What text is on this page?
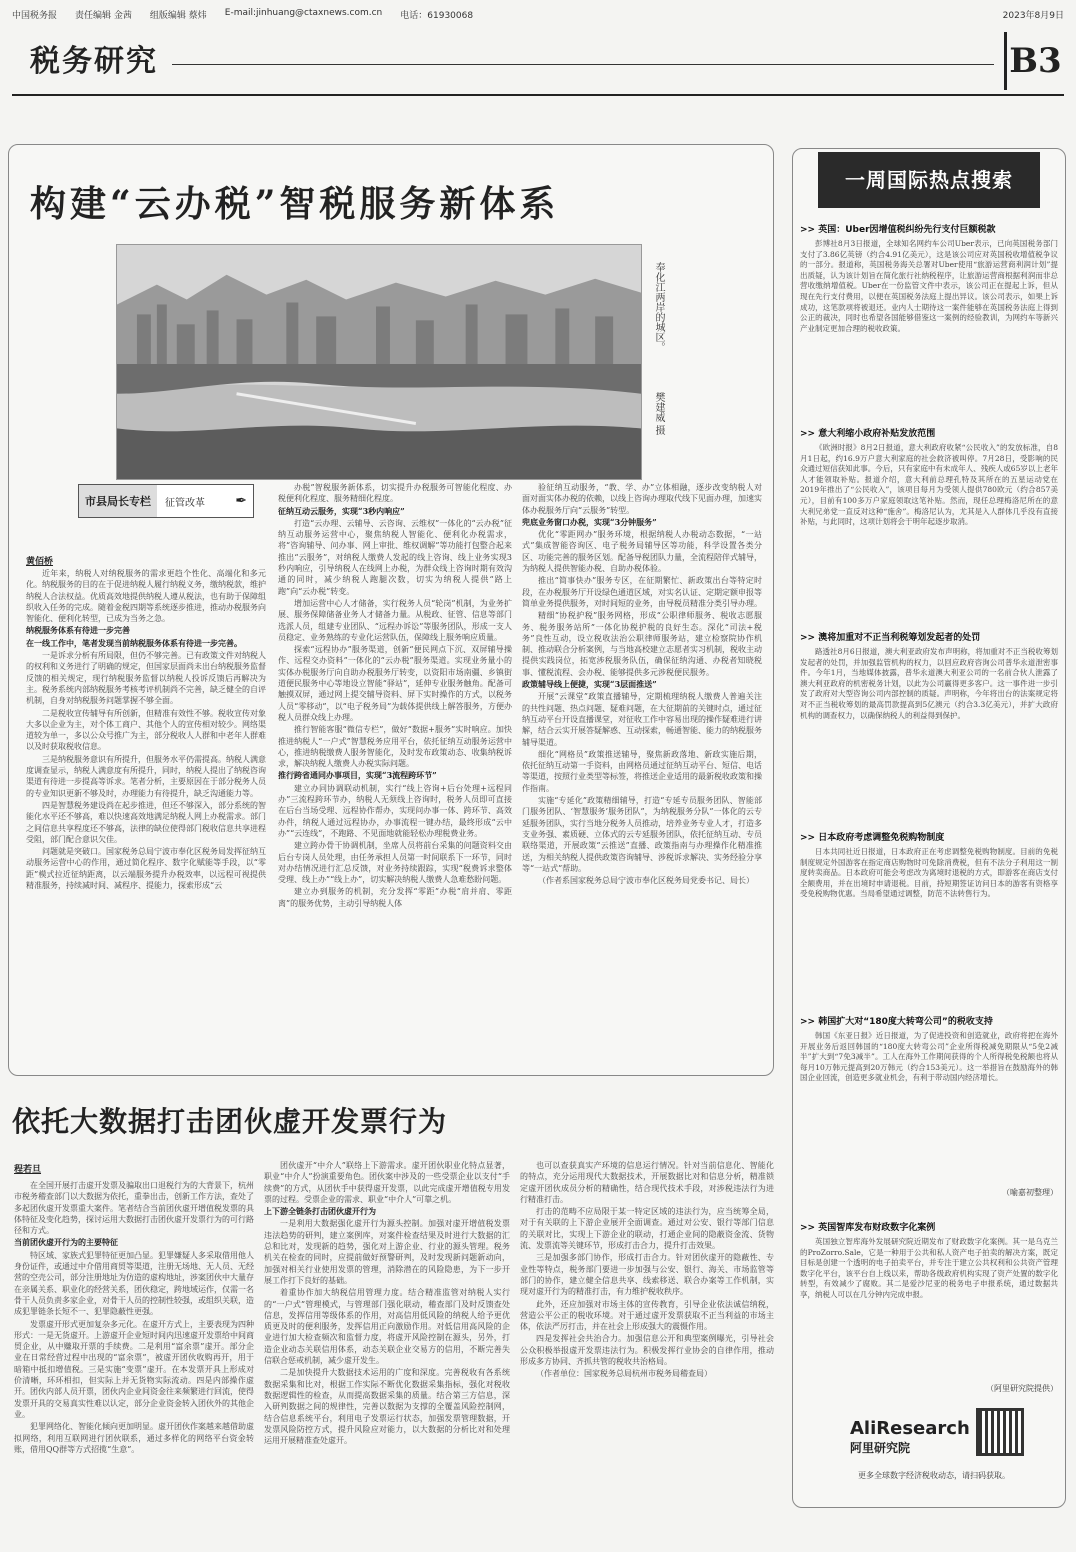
中国税务报 责任编辑 金茜 组版编辑 蔡炜 E-mail:jinhuang@ctaxnews.com.cn 电话：61930068	2023年8月9日
税务研究	B3
构建“云办税”智税服务新体系
奉化江两岸的城区。
樊建威 摄
市县局长专栏	征管改革 ✒
黄佰桥

近年来，纳税人对纳税服务的需求更趋个性化、高端化和多元化。纳税服务的目的在于促进纳税人履行纳税义务，缴纳税款，维护纳税人合法权益。优质高效地提供纳税人遵从税法，也有助于保障组织收入任务的完成。随着金税四期等系统逐步推进，推动办税服务向智能化、便利化转型，已成为当务之急。

纳税服务体系有待进一步完善

在一线工作中，笔者发现当前纳税服务体系有待进一步完善。

一是诉求分析有所局限，但仍不够完善。已有政策文件对纳税人的权利和义务进行了明确的规定，但国家层面尚未出台纳税服务监督反馈的相关规定，现行纳税服务监督以纳税人投诉反馈后再解决为主。税务系统内部纳税服务考核考评机制尚不完善，缺乏健全的自评机制，自身对纳税服务问题掌握不够全面。

二是税收宣传辅导有所创新，但精准有效性不够。税收宣传对象大多以企业为主，对个体工商户、其他个人的宣传相对较少。网络渠道较为单一，多以公众号推广为主，部分税收人人群和中老年人群难以及时获取税收信息。

三是纳税服务意识有所提升，但服务水平仍需提高。纳税人满意度调查显示，纳税人满意度有所提升，同时，纳税人提出了纳税咨询渠道有待进一步提高等诉求。笔者分析，主要原因在于部分税务人员的专业知识更新不够及时，办理能力有待提升，缺乏沟通能力等。

四是智慧税务建设尚在起步推进，但还不够深入，部分系统的智能化水平还不够高，难以快速高效地满足纳税人网上办税需求。部门之间信息共享程度还不够高，法律的缺位使得部门税收信息共享进程受阻，部门配合意识欠佳。

问题就是突破口。国家税务总局宁波市奉化区税务局发挥征纳互动服务运营中心的作用，通过简化程序、数字化赋能等手段，以“零距”模式拉近征纳距离，以云端服务提升办税效率，以远程可视提供精准服务，持续减时间、减程序、提能力，探索形成“云

办税”智税服务新体系，切实提升办税服务可智能化程度、办税便利化程度、服务精细化程度。

征纳互动云服务，实现“3秒内响应”

打造“云办理、云辅导、云咨询、云维权”一体化的“云办税”征纳互动服务运营中心，聚焦纳税人智能化、便利化办税需求，将“咨询辅导、问办事、网上审批、维权调解”等功能打包整合起来推出“云服务”，对纳税人缴费人发起的线上咨询、线上业务实现3秒内响应，引导纳税人在线网上办税，为群众线上咨询时期有效沟通的同时，减少纳税人跑腿次数，切实为纳税人提供“路上跑”向“云办税”转变。

增加运营中心人才储备，实行税务人员“轮岗”机制，为业务扩展、服务保障储备业务人才储备力量。从税政、征管、信息等部门选派人员，组建专业团队、“远程办诉讼”等服务团队，形成一支人员稳定、业务熟练的专业化运营队伍，保障线上服务响应质量。

探索“远程协办”服务渠道，创新“便民网点下沉、双屏辅导操作、远程交办资料”一体化的“云办税”服务渠道。实现业务量小的实体办税服务厅向自助办税服务厅转变，以资阳市场南疆、乡镇街道便民服务中心等地设立智能“驿站”，延伸专业服务触角。配备可触摸双屏，通过网上提交辅导资料、屏下实时操作的方式，以税务人员“零移动”，以“电子税务局”为载体提供线上解答服务，方便办税人员群众线上办理。

推行智能客服“微信专栏”，做好“数据+服务”实时响应。加快推进纳税人“一户式”智慧税务应用平台，依托征纳互动服务运营中心，推进纳税缴费人服务智能化，及时发布政策动态、收集纳税诉求，解决纳税人缴费人办税实际问题。

推行跨省通同办事项目，实现“3流程跨环节”

建立办同协调联动机制，实行“线上咨询+后台处理+远程同办”三流程跨环节办，纳税人无须线上咨询时，税务人员即可直接在后台当场受理、远程协作帮办，实现问办事一体、跨环节、高效办件，纳税人通过远程协办，办事流程一键办结，最终形成“云中办”“云连线”，不跑路、不见面地就能轻松办理税费业务。

建立跨办骨干协调机制，坐席人员将前台采集的问题资料交由后台专岗人员处理，由任务承担人员第一时间联系下一环节，同时对办结情况进行汇总反馈，对业务持续跟踪，实现“税费诉求整体受理、线上办”“线上办”，切实解决纳税人缴费人急难愁盼问题。

建立办到服务的机制，充分发挥“零距”办税“肩并肩、零距离”的服务优势，主动引导纳税人体

验征纳互动服务，“教、学、办”立体相融，逐步改变纳税人对面对面实体办税的依赖，以线上咨询办理取代线下见面办理，加速实体办税服务厅向“云服务”转型。

兜底业务窗口办税，实现“3分钟服务”

优化“零距网办”服务环境，根据纳税人办税动态数据，“一站式”集成智能咨询区、电子税务局辅导区等功能，科学设置各类分区、功能完善的服务区划。配备导税团队力量，全流程陪伴式辅导，为纳税人提供智能办税、自助办税体验。

推出“简事快办”服务专区，在征期繁忙、新政策出台等特定时段，在办税服务厅开设绿色通道区域，对实名认证、定期定额申报等简单业务提供服务，对时间短的业务，由导税员精准分类引导办理。

精细“协税护税”服务网格，形成“公职律师服务、税收志愿服务、税务服务站所”一体化协税护税的良好生态。深化“司法+税务”良性互动，设立税收法治公职律师服务站，建立检察院协作机制、推动联合分析案例，与当地高校建立志愿者实习机制，税收主动提供实践岗位，拓宽涉税服务队伍，确保征纳沟通、办税者知晓税事、懂税流程、会办税、能够提供多元涉税便民服务。

政策辅导线上便捷，实现“3层面推送”

开展“云课堂”政策直播辅导，定期梳理纳税人缴费人普遍关注的共性问题、热点问题、疑难问题，在大征期前的关键时点，通过征纳互动平台开设直播课堂，对征收工作中容易出现的操作疑难进行讲解，结合云实开展答疑解惑、互动探索，畅通智能、能力的纳税服务辅导渠道。

细化“网格员”政策推送辅导，聚焦新政落地、新政实施后期，依托征纳互动第一手资料，由网格员通过征纳互动平台、短信、电话等渠道，按照行业类型等标签，将推送企业适用的最新税收政策和操作指南。

实施“专延化”政策精细辅导，打造“专延专员服务团队、智能部门服务团队、‘智慧服务’服务团队”，为纳税服务分队”一体化的云专延服务团队，实行当地分税务人员推动，培养业务专业人才，打造多支业务强、素质硬、立体式的云专延服务团队，依托征纳互动、专员联络渠道，开展政策“云推送”直播、政策指南与办理操作化精准推送，为相关纳税人提供政策咨询辅导、涉税诉求解决、实务经验分享等“一站式”帮助。

（作者系国家税务总局宁波市奉化区税务局党委书记、局长）

依托大数据打击团伙虚开发票行为
程若旦

在全国开展打击虚开发票及骗取出口退税行为的大背景下，杭州市税务稽查部门以大数据为依托，重拳出击，创新工作方法，查处了多起团伙虚开发票重大案件。笔者结合当前团伙虚开增值税发票的具体特征及变化趋势，探讨运用大数据打击团伙虚开发票行为的可行路径和方式。

当前团伙虚开行为的主要特征

特区域、家族式犯罪特征更加凸显。犯罪嫌疑人多采取借用他人身份证件，或通过中介借用商贸等渠道，注册无场地、无人员、无经营的空壳公司，部分注册地址为仿造的虚构地址，涉案团伙中大量存在亲属关系、职业化的经营关系，团伙稳定，跨地域运作，仅需一名骨干人员负责多家企业，对骨干人员的控制性较强，或组织关联，造成犯罪链条长短不一、犯罪隐蔽性更强。

发票虚开形式更加复杂多元化。在虚开方式上，主要表现为四种形式：一是无货虚开。上游虚开企业短时间内迅速虚开发票给中间商贸企业，从中赚取开票的手续费。二是利用“富余票”虚开。部分企业在日常经营过程中出现的“富余票”，被虚开团伙收购再开，用于暗箱中抵扣增值税。三是实施“变票”虚开。在本发票开具上形成对价清晰，环环相扣，但实际上并无货物实际流动。四是内部操作虚开。团伙内部人员开票，团伙内企业间资金往来频繁进行回流，使得发票开具的交易真实性难以认定，部分企业资金转入团伙外的其他企业。

犯罪网络化、智能化倾向更加明显。虚开团伙作案越来越借助虚拟网络，利用互联网进行团伙联系，通过多样化的网络平台资金转账，借用QQ群等方式招揽“生意”。

团伙虚开“中介人”联络上下游需求。虚开团伙职业化特点显著，职业“中介人”扮演重要角色。团伙案中涉及的一些受票企业以支付“手续费”的方式，从团伙手中获得虚开发票，以此完成虚开增值税专用发票的过程。受票企业的需求、职业“中介人”可靠之机。

上下游全链条打击团伙虚开行为

一是利用大数据强化虚开行为源头控制。加强对虚开增值税发票违法趋势的研判，建立案例库，对案件检查结果及时进行大数据的汇总和比对，发现新的趋势，强化对上游企业、行业的源头管理。税务机关在检查的同时，应提前做好预警研判，及时发现新问题新动向，加强对相关行业使用发票的管理，消除潜在的风险隐患，为下一步开展工作打下良好的基础。

着重协作加大纳税信用管理力度。结合精准监管对纳税人实行的“一户式”管理模式，与管理部门强化联动，稽查部门及时反馈查处信息，发挥信用等级体系的作用，对高信用低风险的纳税人给予更优质更及时的便利服务，发挥信用正向激励作用。对低信用高风险的企业进行加大检查频次和监督力度，将虚开风险控制在源头，另外，打造企业动态关联信用体系，动态关联企业交易方的信用，不断完善失信联合惩戒机制，减少虚开发生。

二是加快提升大数据技术运用的广度和深度。完善税收有各系统数据采集和比对，根据工作实际不断优化数据采集指标，强化对税收数据逻辑性的检查，从而提高数据采集的质量。结合第三方信息，深入研判数据之间的规律性，完善以数据为支撑的全覆盖风险控制网，结合信息系统平台，利用电子发票运行状态，加强发票管理数据，开发票风险防控方式，提升风险应对能力，以大数据的分析比对和处理运用开展精准查处虚开。

也可以查获真实产环境的信息运行情况。针对当前信息化、智能化的特点，充分运用现代大数据技术，开展数据比对和信息分析，精准锁定虚开团伙成员分析的精确性，结合现代技术手段，对涉税违法行为进行精准打击。

打击的范畴不应局限于某一特定区域的违法行为，应当统筹全局，对于有关联的上下游企业展开全面调查。通过对公安、银行等部门信息的关联对比，实现上下游企业的联动，打通企业间的隐蔽资金流、货物流、发票流等关键环节，形成打击合力，提升打击效果。

三是加强多部门协作，形成打击合力。针对团伙虚开的隐蔽性、专业性等特点，税务部门要进一步加强与公安、银行、海关、市场监管等部门的协作，建立健全信息共享、线索移送、联合办案等工作机制，实现对虚开行为的精准打击，有力维护税收秩序。

此外，还应加强对市场主体的宣传教育，引导企业依法诚信纳税，营造公平公正的税收环境。对于通过虚开发票获取不正当利益的市场主体，依法严厉打击，并在社会上形成强大的震慑作用。

四是发挥社会共治合力。加强信息公开和典型案例曝光，引导社会公众积极举报虚开发票违法行为。积极发挥行业协会的自律作用，推动形成多方协同、齐抓共管的税收共治格局。

（作者单位：国家税务总局杭州市税务局稽查局）

一周国际热点搜索
>> 英国：Uber因增值税纠纷先行支付巨额税款
彭博社8月3日报道，全球知名网约车公司Uber表示，已向英国税务部门支付了3.86亿英镑（约合4.91亿美元），这是该公司应对英国税收增值税争议的一部分。报道称，英国税务海关总署对Uber使用“旅游运营商利润计划”提出质疑，认为该计划旨在简化旅行社纳税程序，让旅游运营商根据利润而非总营收缴纳增值税。Uber在一份监管文件中表示，该公司正在提起上诉，但从现在先行支付费用，以便在英国税务法庭上提出异议。该公司表示，如果上诉成功，这笔款项将被退还。业内人士期待这一案件能够在英国税务法庭上得到公正的裁决，同时也希望各国能够借鉴这一案例的经验教训，为网约车等新兴产业制定更加合理的税收政策。
>> 意大利缩小政府补贴发放范围
《欧洲时报》8月2日报道，意大利政府收紧“公民收入”的发放标准，自8月1日起，约16.9万户意大利家庭的社会救济被叫停。7月28日，受影响的民众通过短信获知此事。今后，只有家庭中有未成年人、残疾人或65岁以上老年人才能领取补贴。报道介绍，意大利前总理孔特及其所在的五星运动党在2019年推出了“公民收入”，该项目每月为受领人提供780欧元（约合857美元），目前有100多万户家庭领取这笔补贴。然而，现任总理梅洛尼所在的意大利兄弟党一直反对这种“施舍”。梅洛尼认为，尤其是入人群体几乎没有直接补贴，与此同时，这项计划将会于明年起逐步取消。
>> 澳将加重对不正当利税筹划发起者的处罚
路透社8月6日报道，澳大利亚政府发布声明称，将加重对不正当税收筹划发起者的处罚，并加强监管机构的权力，以回应政府咨询公司普华永道泄密事件。今年1月，当地媒体披露，普华永道澳大利亚公司的一名前合伙人泄露了澳大利亚政府的机密税务计划，以此为公司赢得更多客户。这一事件进一步引发了政府对大型咨询公司内部控制的质疑。声明称，今年将出台的法案规定将对不正当税收筹划的最高罚款提高到5亿澳元（约合3.3亿美元），并扩大政府机构的调查权力，以确保纳税人的利益得到保护。
>> 日本政府考虑调整免税购物制度
日本共同社近日报道，日本政府正在考虑调整免税购物制度。目前的免税制度规定外国游客在指定商店购物时可免除消费税，但有不法分子利用这一制度转卖商品。日本政府可能会考虑改为离境时退税的方式，即游客在商店支付全额费用，并在出境时申请退税。目前，持短期签证访问日本的游客有资格享受免税购物优惠。当局希望通过调整，防范不法转售行为。
>> 韩国扩大对“180度大转弯公司”的税收支持
韩国《东亚日报》近日报道，为了促进投资和创造就业，政府将把在海外开展业务后返回韩国的“180度大转弯公司”企业所得税减免期限从“5免2减半”扩大到“7免3减半”。工人在海外工作期间获得的个人所得税免税额也将从每月10万韩元提高到20万韩元（约合153美元）。这一举措旨在鼓励海外的韩国企业回流，创造更多就业机会，有利于带动国内经济增长。
（喻嘉初整理）
>> 英国智库发布财政数字化案例
英国独立智库海外发展研究院近期发布了财政数字化案例。其一是乌克兰的ProZorro.Sale，它是一种用于公共和私人资产电子拍卖的解决方案，既定目标是创建一个透明的电子拍卖平台，并专注于建立公共权利和公共资产管理数字化平台，该平台自上线以来，帮助各级政府机构实现了资产处置的数字化转型，有效减少了腐败。其二是爱沙尼亚的税务电子申报系统，通过数据共享，纳税人可以在几分钟内完成申报。
（阿里研究院提供）
AliResearch
阿里研究院
更多全球数字经济税收动态，请扫码获取。
